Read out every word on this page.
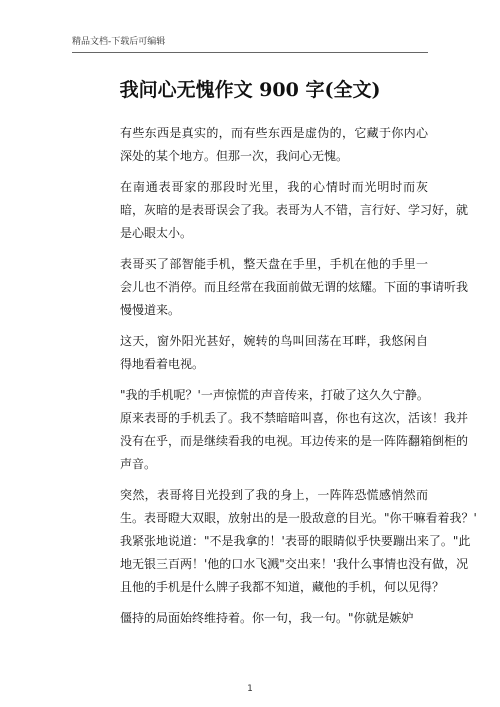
精品文档-下载后可编辑
我问心无愧作文 900 字(全文)

有些东西是真实的，而有些东西是虚伪的，它藏于你内心
深处的某个地方。但那一次，我问心无愧。

在南通表哥家的那段时光里，我的心情时而光明时而灰
暗，灰暗的是表哥误会了我。表哥为人不错，言行好、学习好，就
是心眼太小。

表哥买了部智能手机，整天盘在手里，手机在他的手里一
会儿也不消停。而且经常在我面前做无谓的炫耀。下面的事请听我
慢慢道来。

这天，窗外阳光甚好，婉转的鸟叫回荡在耳畔，我悠闲自
得地看着电视。

"我的手机呢？'一声惊慌的声音传来，打破了这久久宁静。
原来表哥的手机丢了。我不禁暗暗叫喜，你也有这次，活该！我并
没有在乎，而是继续看我的电视。耳边传来的是一阵阵翻箱倒柜的
声音。

突然，表哥将目光投到了我的身上，一阵阵恐慌感悄然而
生。表哥瞪大双眼，放射出的是一股敌意的目光。"你干嘛看着我？'
我紧张地说道："不是我拿的！'表哥的眼睛似乎快要蹦出来了。"此
地无银三百两！'他的口水飞溅"交出来！'我什么事情也没有做，况
且他的手机是什么牌子我都不知道，藏他的手机，何以见得？

僵持的局面始终维持着。你一句，我一句。"你就是嫉妒

1
